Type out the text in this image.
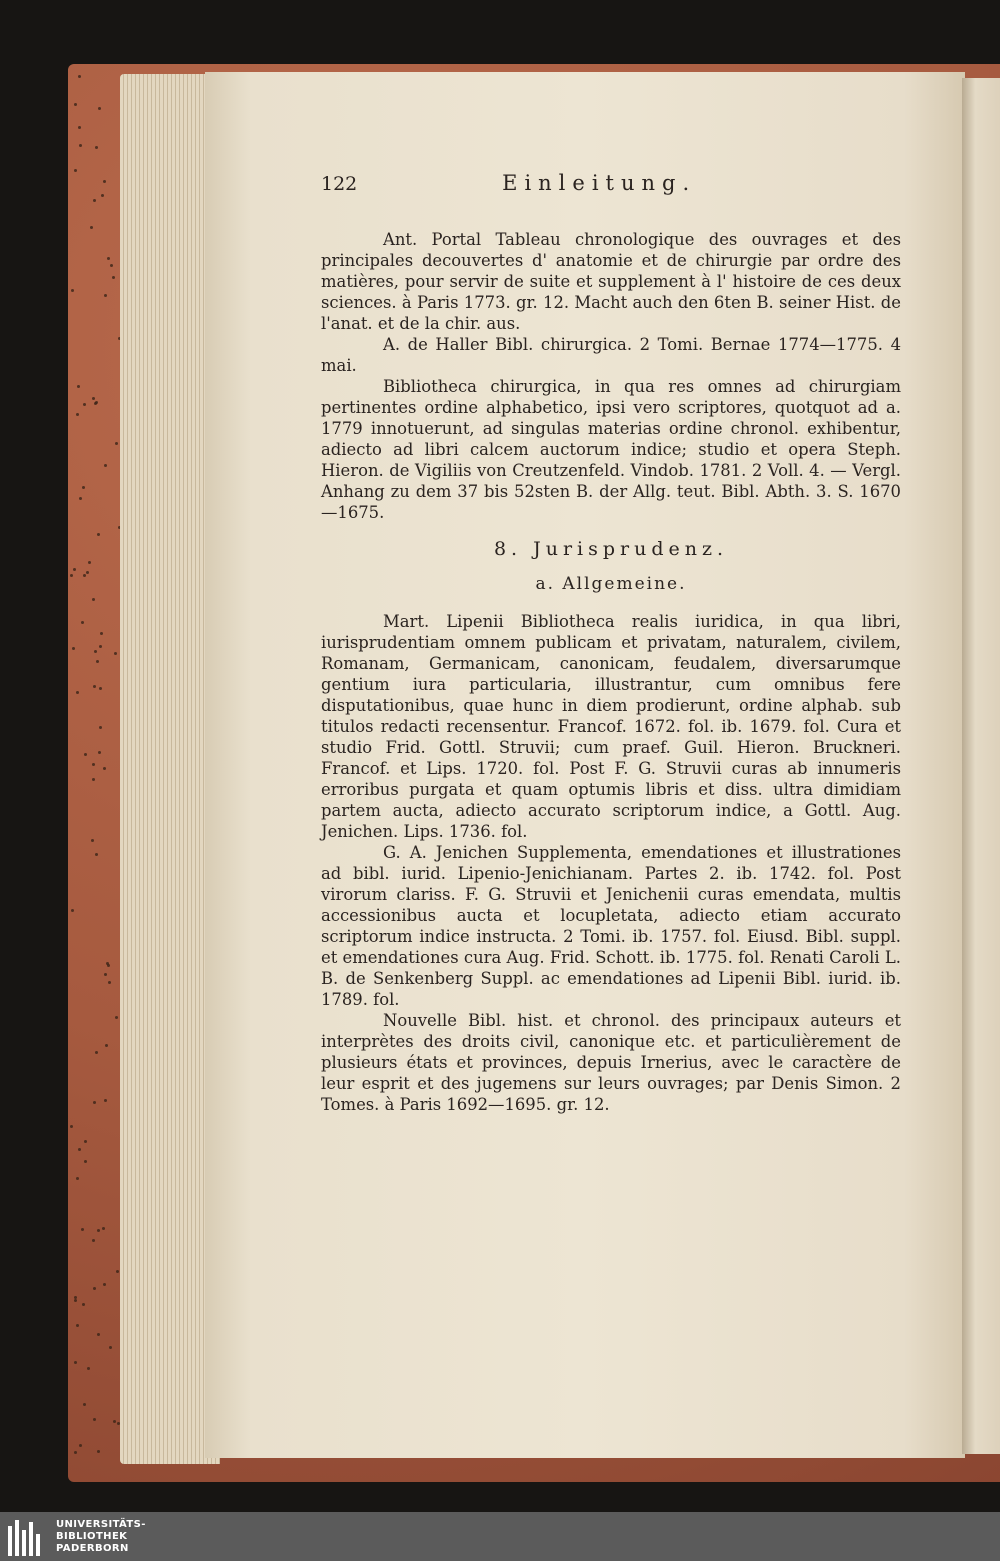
122	Einleitung.

Ant. Portal Tableau chronologique des ouvrages et des principales decouvertes d' anatomie et de chirurgie par ordre des matières, pour servir de suite et supplement à l' histoire de ces deux sciences. à Paris 1773. gr. 12. Macht auch den 6ten B. seiner Hist. de l'anat. et de la chir. aus.

A. de Haller Bibl. chirurgica. 2 Tomi. Bernae 1774—1775. 4 mai.

Bibliotheca chirurgica, in qua res omnes ad chirurgiam pertinentes ordine alphabetico, ipsi vero scriptores, quotquot ad a. 1779 innotuerunt, ad singulas materias ordine chronol. exhibentur, adiecto ad libri calcem auctorum indice; studio et opera Steph. Hieron. de Vigiliis von Creutzenfeld. Vindob. 1781. 2 Voll. 4. — Vergl. Anhang zu dem 37 bis 52sten B. der Allg. teut. Bibl. Abth. 3. S. 1670—1675.

8. Jurisprudenz.
a. Allgemeine.

Mart. Lipenii Bibliotheca realis iuridica, in qua libri, iurisprudentiam omnem publicam et privatam, naturalem, civilem, Romanam, Germanicam, canonicam, feudalem, diversarumque gentium iura particularia, illustrantur, cum omnibus fere disputationibus, quae hunc in diem prodierunt, ordine alphab. sub titulos redacti recensentur. Francof. 1672. fol. ib. 1679. fol. Cura et studio Frid. Gottl. Struvii; cum praef. Guil. Hieron. Bruckneri. Francof. et Lips. 1720. fol. Post F. G. Struvii curas ab innumeris erroribus purgata et quam optumis libris et diss. ultra dimidiam partem aucta, adiecto accurato scriptorum indice, a Gottl. Aug. Jenichen. Lips. 1736. fol.

G. A. Jenichen Supplementa, emendationes et illustrationes ad bibl. iurid. Lipenio-Jenichianam. Partes 2. ib. 1742. fol. Post virorum clariss. F. G. Struvii et Jenichenii curas emendata, multis accessionibus aucta et locupletata, adiecto etiam accurato scriptorum indice instructa. 2 Tomi. ib. 1757. fol. Eiusd. Bibl. suppl. et emendationes cura Aug. Frid. Schott. ib. 1775. fol. Renati Caroli L. B. de Senkenberg Suppl. ac emendationes ad Lipenii Bibl. iurid. ib. 1789. fol.

Nouvelle Bibl. hist. et chronol. des principaux auteurs et interprètes des droits civil, canonique etc. et particulièrement de plusieurs états et provinces, depuis Irnerius, avec le caractère de leur esprit et des jugemens sur leurs ouvrages; par Denis Simon. 2 Tomes. à Paris 1692—1695. gr. 12.

UNIVERSITÄTS-
BIBLIOTHEK
PADERBORN
